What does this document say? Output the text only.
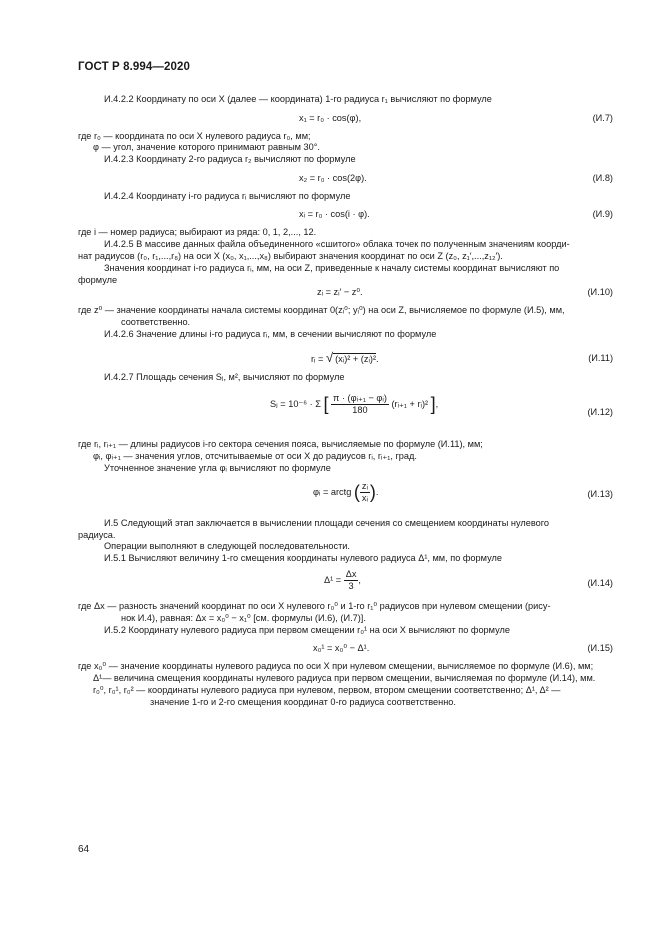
ГОСТ Р 8.994—2020
И.4.2.2 Координату по оси X (далее — координата) 1-го радиуса r₁ вычисляют по формуле
x₁ = r₀ · cos(φ),	(И.7)
где r₀ — координата по оси X нулевого радиуса r₀, мм;
φ — угол, значение которого принимают равным 30°.
И.4.2.3 Координату 2-го радиуса r₂ вычисляют по формуле
x₂ = r₀ · cos(2φ).	(И.8)
И.4.2.4 Координату i-го радиуса rᵢ вычисляют по формуле
xᵢ = r₀ · cos(i · φ).	(И.9)
где i — номер радиуса; выбирают из ряда: 0, 1, 2,..., 12.
И.4.2.5 В массиве данных файла объединенного «сшитого» облака точек по полученным значениям коорди-
нат радиусов (r₀, r₁,...,r₈) на оси X (x₀, x₁,...,x₈) выбирают значения координат по оси Z (z₀, z₁′,...,z₁₂′).
Значения координат i-го радиуса rᵢ, мм, на оси Z, приведенные к началу системы координат вычисляют по
формуле
zᵢ = zᵢ′ − z⁰.	(И.10)
где z⁰ — значение координаты начала системы координат 0(zᵢ⁰; yᵢ⁰) на оси Z, вычисляемое по формуле (И.5), мм,
соответственно.
И.4.2.6 Значение длины i-го радиуса rᵢ, мм, в сечении вычисляют по формуле
rᵢ = √ (xᵢ)² + (zᵢ)².	(И.11)
И.4.2.7 Площадь сечения Sⱼ, м², вычисляют по формуле
Sⱼ = 10⁻⁶ · Σ [ $\frac{\text{π · (φᵢ₊₁ − φᵢ)}}{180}$ (rᵢ₊₁ + rᵢ)² ],
(И.12)
где rᵢ, rᵢ₊₁ — длины радиусов i-го сектора сечения пояса, вычисляемые по формуле (И.11), мм;
φᵢ, φᵢ₊₁ — значения углов, отсчитываемые от оси X до радиусов rᵢ, rᵢ₊₁, град.
Уточненное значение угла φᵢ вычисляют по формуле
φᵢ = arctg ( $\frac{\text{zᵢ}}{\text{xᵢ}}$ ).	(И.13)
И.5 Следующий этап заключается в вычислении площади сечения со смещением координаты нулевого
радиуса.
Операции выполняют в следующей последовательности.
И.5.1 Вычисляют величину 1-го смещения координаты нулевого радиуса Δ¹, мм, по формуле
$\Delta^1 = \frac{\Delta x}{3}$ ,	(И.14)
где Δx — разность значений координат по оси X нулевого r₀⁰ и 1-го r₁⁰ радиусов при нулевом смещении (рису-
нок И.4), равная: Δx = x₀⁰ − x₁⁰ [см. формулы (И.6), (И.7)].
И.5.2 Координату нулевого радиуса при первом смещении r₀¹ на оси X вычисляют по формуле
x₀¹ = x₀⁰ − Δ¹.	(И.15)
где x₀⁰ — значение координаты нулевого радиуса по оси X при нулевом смещении, вычисляемое по формуле (И.6), мм;
Δ¹— величина смещения координаты нулевого радиуса при первом смещении, вычисляемая по формуле (И.14), мм.
r₀⁰, r₀¹, r₀² — координаты нулевого радиуса при нулевом, первом, втором смещении соответственно; Δ¹, Δ² —
значение 1-го и 2-го смещения координат 0-го радиуса соответственно.
64
